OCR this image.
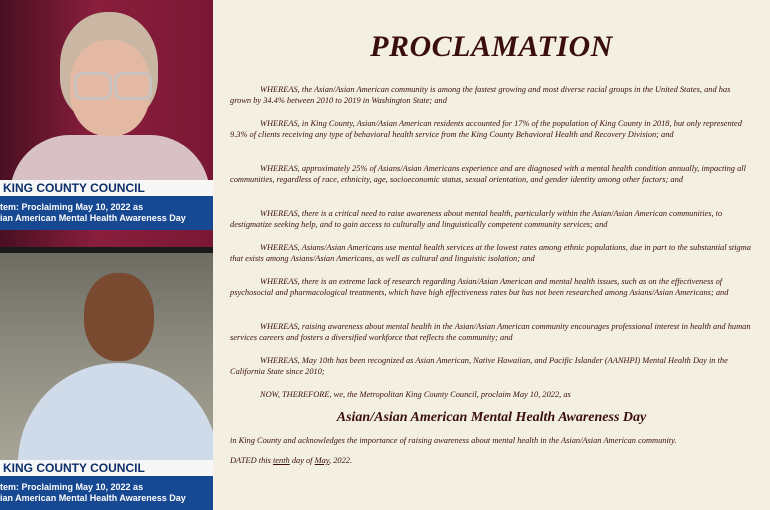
KING COUNTY COUNCIL
tem: Proclaiming May 10, 2022 as
ian American Mental Health Awareness Day
KING COUNTY COUNCIL
tem: Proclaiming May 10, 2022 as
ian American Mental Health Awareness Day
PROCLAMATION
WHEREAS, the Asian/Asian American community is among the fastest growing and most diverse racial groups in the United States, and has grown by 34.4% between 2010 to 2019 in Washington State; and
WHEREAS, in King County, Asian/Asian American residents accounted for 17% of the population of King County in 2018, but only represented 9.3% of clients receiving any type of behavioral health service from the King County Behavioral Health and Recovery Division; and
WHEREAS, approximately 25% of Asians/Asian Americans experience and are diagnosed with a mental health condition annually, impacting all communities, regardless of race, ethnicity, age, socioeconomic status, sexual orientation, and gender identity among other factors; and
WHEREAS, there is a critical need to raise awareness about mental health, particularly within the Asian/Asian American communities, to destigmatize seeking help, and to gain access to culturally and linguistically competent community services; and
WHEREAS, Asians/Asian Americans use mental health services at the lowest rates among ethnic populations, due in part to the substantial stigma that exists among Asians/Asian Americans, as well as cultural and linguistic isolation; and
WHEREAS, there is an extreme lack of research regarding Asian/Asian American and mental health issues, such as on the effectiveness of psychosocial and pharmacological treatments, which have high effectiveness rates but has not been researched among Asians/Asian Americans; and
WHEREAS, raising awareness about mental health in the Asian/Asian American community encourages professional interest in health and human services careers and fosters a diversified workforce that reflects the community; and
WHEREAS, May 10th has been recognized as Asian American, Native Hawaiian, and Pacific Islander (AANHPI) Mental Health Day in the California State since 2010;
NOW, THEREFORE, we, the Metropolitan King County Council, proclaim May 10, 2022, as
Asian/Asian American Mental Health Awareness Day
in King County and acknowledges the importance of raising awareness about mental health in the Asian/Asian American community.
DATED this tenth day of May, 2022.
